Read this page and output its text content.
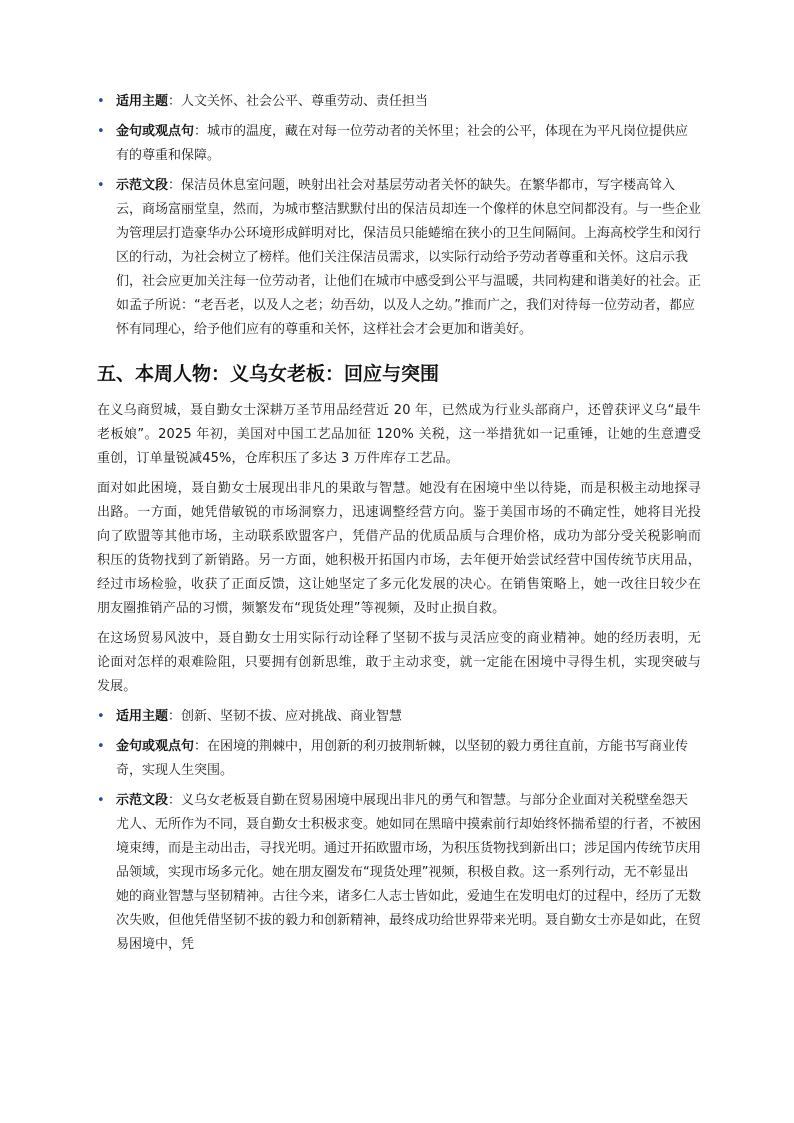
• 适用主题：人文关怀、社会公平、尊重劳动、责任担当
• 金句或观点句：城市的温度，藏在对每一位劳动者的关怀里；社会的公平，体现在为平凡岗位提供应有的尊重和保障。
• 示范文段：保洁员休息室问题，映射出社会对基层劳动者关怀的缺失。在繁华都市，写字楼高耸入云，商场富丽堂皇，然而，为城市整洁默默付出的保洁员却连一个像样的休息空间都没有。与一些企业为管理层打造豪华办公环境形成鲜明对比，保洁员只能蜷缩在狭小的卫生间隔间。上海高校学生和闵行区的行动，为社会树立了榜样。他们关注保洁员需求，以实际行动给予劳动者尊重和关怀。这启示我们，社会应更加关注每一位劳动者，让他们在城市中感受到公平与温暖，共同构建和谐美好的社会。正如孟子所说：“老吾老，以及人之老；幼吾幼，以及人之幼。”推而广之，我们对待每一位劳动者，都应怀有同理心，给予他们应有的尊重和关怀，这样社会才会更加和谐美好。
五、本周人物：义乌女老板：回应与突围

在义乌商贸城，聂自勤女士深耕万圣节用品经营近 20 年，已然成为行业头部商户，还曾获评义乌“最牛老板娘”。2025 年初，美国对中国工艺品加征 120% 关税，这一举措犹如一记重锤，让她的生意遭受重创，订单量锐减45%，仓库积压了多达 3 万件库存工艺品。

面对如此困境，聂自勤女士展现出非凡的果敢与智慧。她没有在困境中坐以待毙，而是积极主动地探寻出路。一方面，她凭借敏锐的市场洞察力，迅速调整经营方向。鉴于美国市场的不确定性，她将目光投向了欧盟等其他市场，主动联系欧盟客户，凭借产品的优质品质与合理价格，成功为部分受关税影响而积压的货物找到了新销路。另一方面，她积极开拓国内市场，去年便开始尝试经营中国传统节庆用品，经过市场检验，收获了正面反馈，这让她坚定了多元化发展的决心。在销售策略上，她一改往日较少在朋友圈推销产品的习惯，频繁发布“现货处理”等视频，及时止损自救。

在这场贸易风波中，聂自勤女士用实际行动诠释了坚韧不拔与灵活应变的商业精神。她的经历表明，无论面对怎样的艰难险阻，只要拥有创新思维，敢于主动求变，就一定能在困境中寻得生机，实现突破与发展。

• 适用主题：创新、坚韧不拔、应对挑战、商业智慧
• 金句或观点句：在困境的荆棘中，用创新的利刃披荆斩棘，以坚韧的毅力勇往直前，方能书写商业传奇，实现人生突围。
• 示范文段：义乌女老板聂自勤在贸易困境中展现出非凡的勇气和智慧。与部分企业面对关税壁垒怨天尤人、无所作为不同，聂自勤女士积极求变。她如同在黑暗中摸索前行却始终怀揣希望的行者，不被困境束缚，而是主动出击，寻找光明。通过开拓欧盟市场，为积压货物找到新出口；涉足国内传统节庆用品领域，实现市场多元化。她在朋友圈发布“现货处理”视频，积极自救。这一系列行动，无不彰显出她的商业智慧与坚韧精神。古往今来，诸多仁人志士皆如此，爱迪生在发明电灯的过程中，经历了无数次失败，但他凭借坚韧不拔的毅力和创新精神，最终成功给世界带来光明。聂自勤女士亦是如此，在贸易困境中，凭
